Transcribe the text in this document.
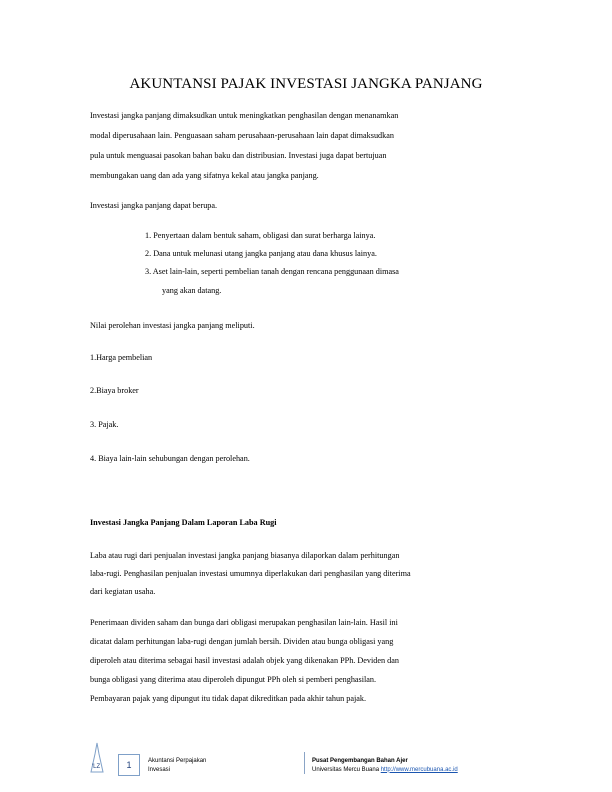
AKUNTANSI PAJAK INVESTASI JANGKA PANJANG
Investasi jangka panjang dimaksudkan untuk meningkatkan penghasilan dengan menanamkan
modal diperusahaan lain. Penguasaan saham perusahaan-perusahaan lain dapat dimaksudkan
pula untuk menguasai pasokan bahan baku dan distribusian. Investasi juga dapat bertujuan
membungakan uang dan ada yang sifatnya kekal atau jangka panjang.
Investasi jangka panjang dapat berupa.
1. Penyertaan dalam bentuk saham, obligasi dan surat berharga lainya.
2. Dana untuk melunasi utang jangka panjang atau dana khusus lainya.
3. Aset lain-lain, seperti pembelian tanah dengan rencana penggunaan dimasa
yang akan datang.
Nilai perolehan investasi jangka panjang meliputi.
1.Harga pembelian
2.Biaya broker
3. Pajak.
4. Biaya lain-lain sehubungan dengan perolehan.
Investasi Jangka Panjang Dalam Laporan Laba Rugi
Laba atau rugi dari penjualan investasi jangka panjang biasanya dilaporkan dalam perhitungan
laba-rugi. Penghasilan penjualan investasi umumnya diperlakukan dari penghasilan yang diterima
dari kegiatan usaha.
Penerimaan dividen saham dan bunga dari obligasi merupakan penghasilan lain-lain. Hasil ini
dicatat dalam perhitungan laba-rugi dengan jumlah bersih. Dividen atau bunga obligasi yang
diperoleh atau diterima sebagai hasil investasi adalah objek yang dikenakan PPh. Deviden dan
bunga obligasi yang diterima atau diperoleh dipungut PPh oleh si pemberi penghasilan.
Pembayaran pajak yang dipungut itu tidak dapat dikreditkan pada akhir tahun pajak.
'LZ	1	Akuntansi Perpajakan
Invesasi
Pusat Pengembangan Bahan Ajer
Universitas Mercu Buana http://www.mercubuana.ac.id
